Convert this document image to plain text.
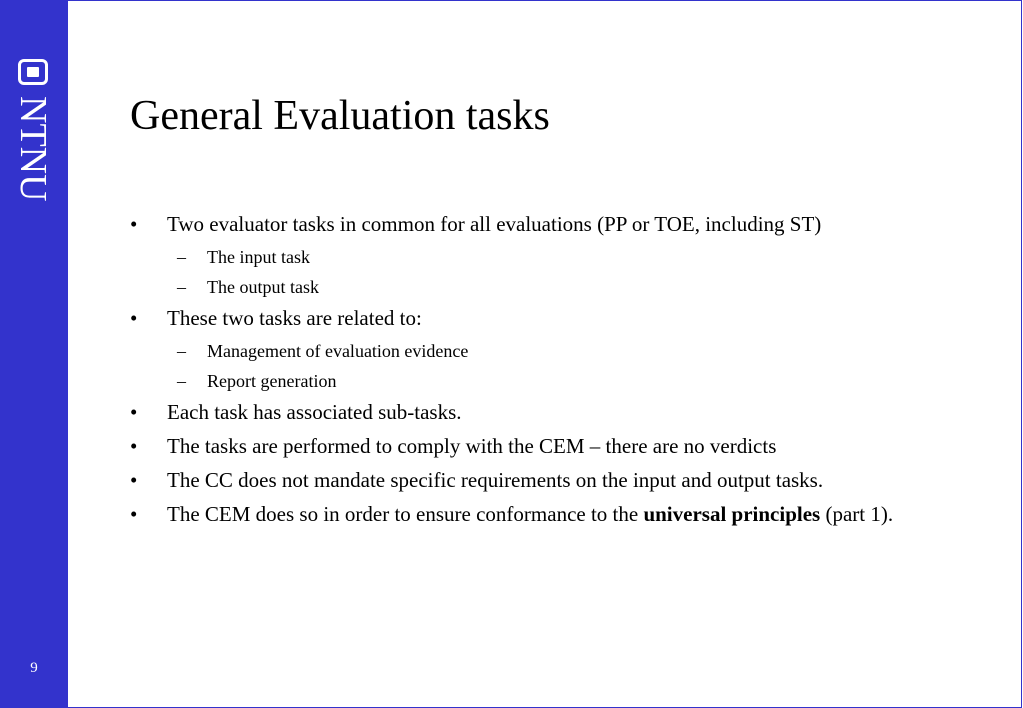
NTNU
9
General Evaluation tasks
• Two evaluator tasks in common for all evaluations (PP or TOE, including ST)
– The input task
– The output task
• These two tasks are related to:
– Management of evaluation evidence
– Report generation
• Each task has associated sub-tasks.
• The tasks are performed to comply with the CEM – there are no verdicts
• The CC does not mandate specific requirements on the input and output tasks.
• The CEM does so in order to ensure conformance to the universal principles (part 1).
